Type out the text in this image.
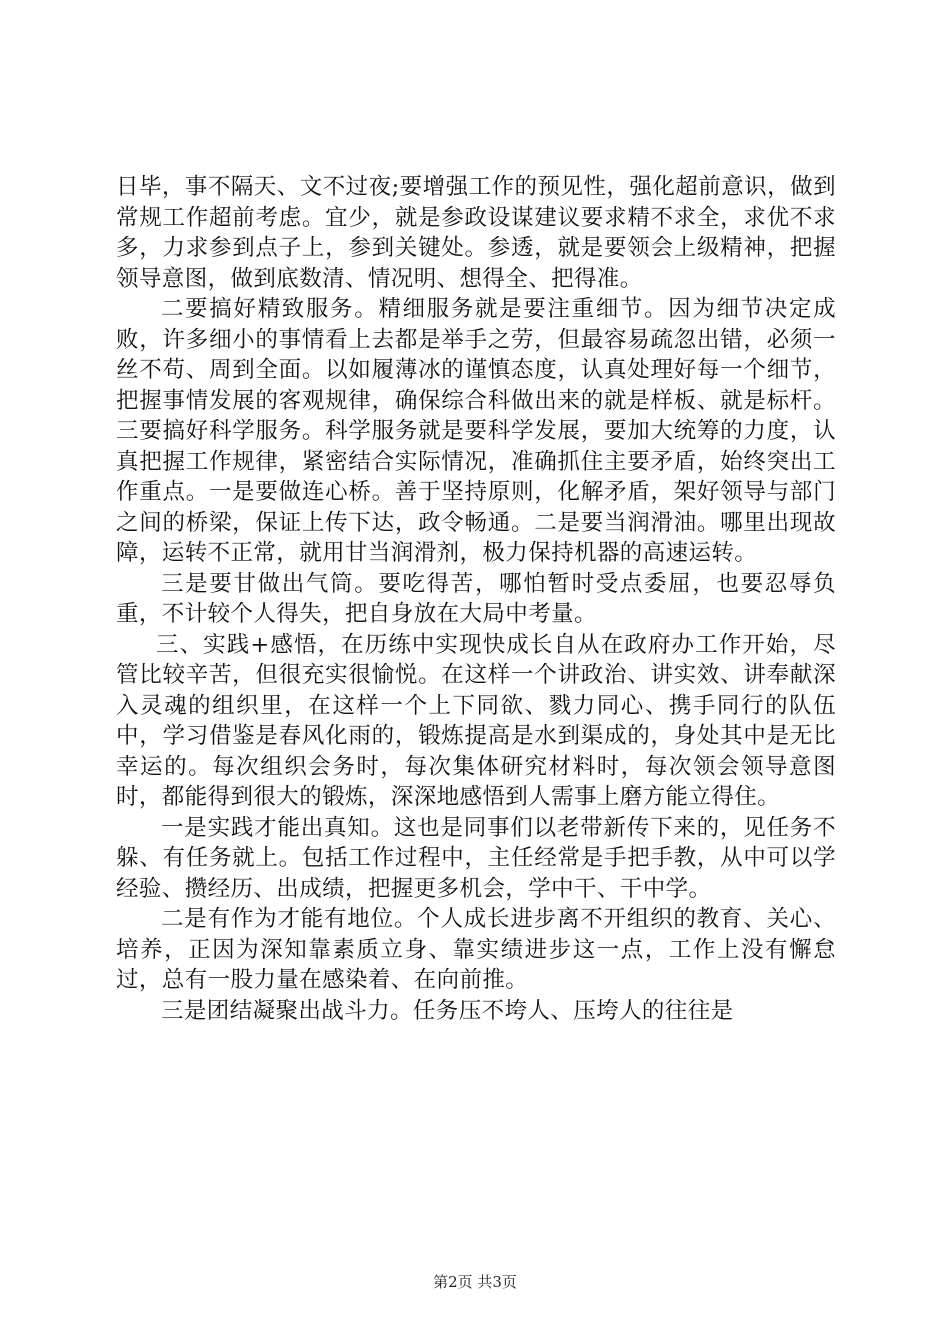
日毕，事不隔天、文不过夜;要增强工作的预见性，强化超前意识，做到常规工作超前考虑。宜少，就是参政设谋建议要求精不求全，求优不求多，力求参到点子上，参到关键处。参透，就是要领会上级精神，把握领导意图，做到底数清、情况明、想得全、把得准。

二要搞好精致服务。精细服务就是要注重细节。因为细节决定成败，许多细小的事情看上去都是举手之劳，但最容易疏忽出错，必须一丝不苟、周到全面。以如履薄冰的谨慎态度，认真处理好每一个细节，把握事情发展的客观规律，确保综合科做出来的就是样板、就是标杆。三要搞好科学服务。科学服务就是要科学发展，要加大统筹的力度，认真把握工作规律，紧密结合实际情况，准确抓住主要矛盾，始终突出工作重点。一是要做连心桥。善于坚持原则，化解矛盾，架好领导与部门之间的桥梁，保证上传下达，政令畅通。二是要当润滑油。哪里出现故障，运转不正常，就用甘当润滑剂，极力保持机器的高速运转。

三是要甘做出气筒。要吃得苦，哪怕暂时受点委屈，也要忍辱负重，不计较个人得失，把自身放在大局中考量。

三、实践+感悟，在历练中实现快成长自从在政府办工作开始，尽管比较辛苦，但很充实很愉悦。在这样一个讲政治、讲实效、讲奉献深入灵魂的组织里，在这样一个上下同欲、戮力同心、携手同行的队伍中，学习借鉴是春风化雨的，锻炼提高是水到渠成的，身处其中是无比幸运的。每次组织会务时，每次集体研究材料时，每次领会领导意图时，都能得到很大的锻炼，深深地感悟到人需事上磨方能立得住。

一是实践才能出真知。这也是同事们以老带新传下来的，见任务不躲、有任务就上。包括工作过程中，主任经常是手把手教，从中可以学经验、攒经历、出成绩，把握更多机会，学中干、干中学。

二是有作为才能有地位。个人成长进步离不开组织的教育、关心、培养，正因为深知靠素质立身、靠实绩进步这一点，工作上没有懈怠过，总有一股力量在感染着、在向前推。

三是团结凝聚出战斗力。任务压不垮人、压垮人的往往是

第2页 共3页
